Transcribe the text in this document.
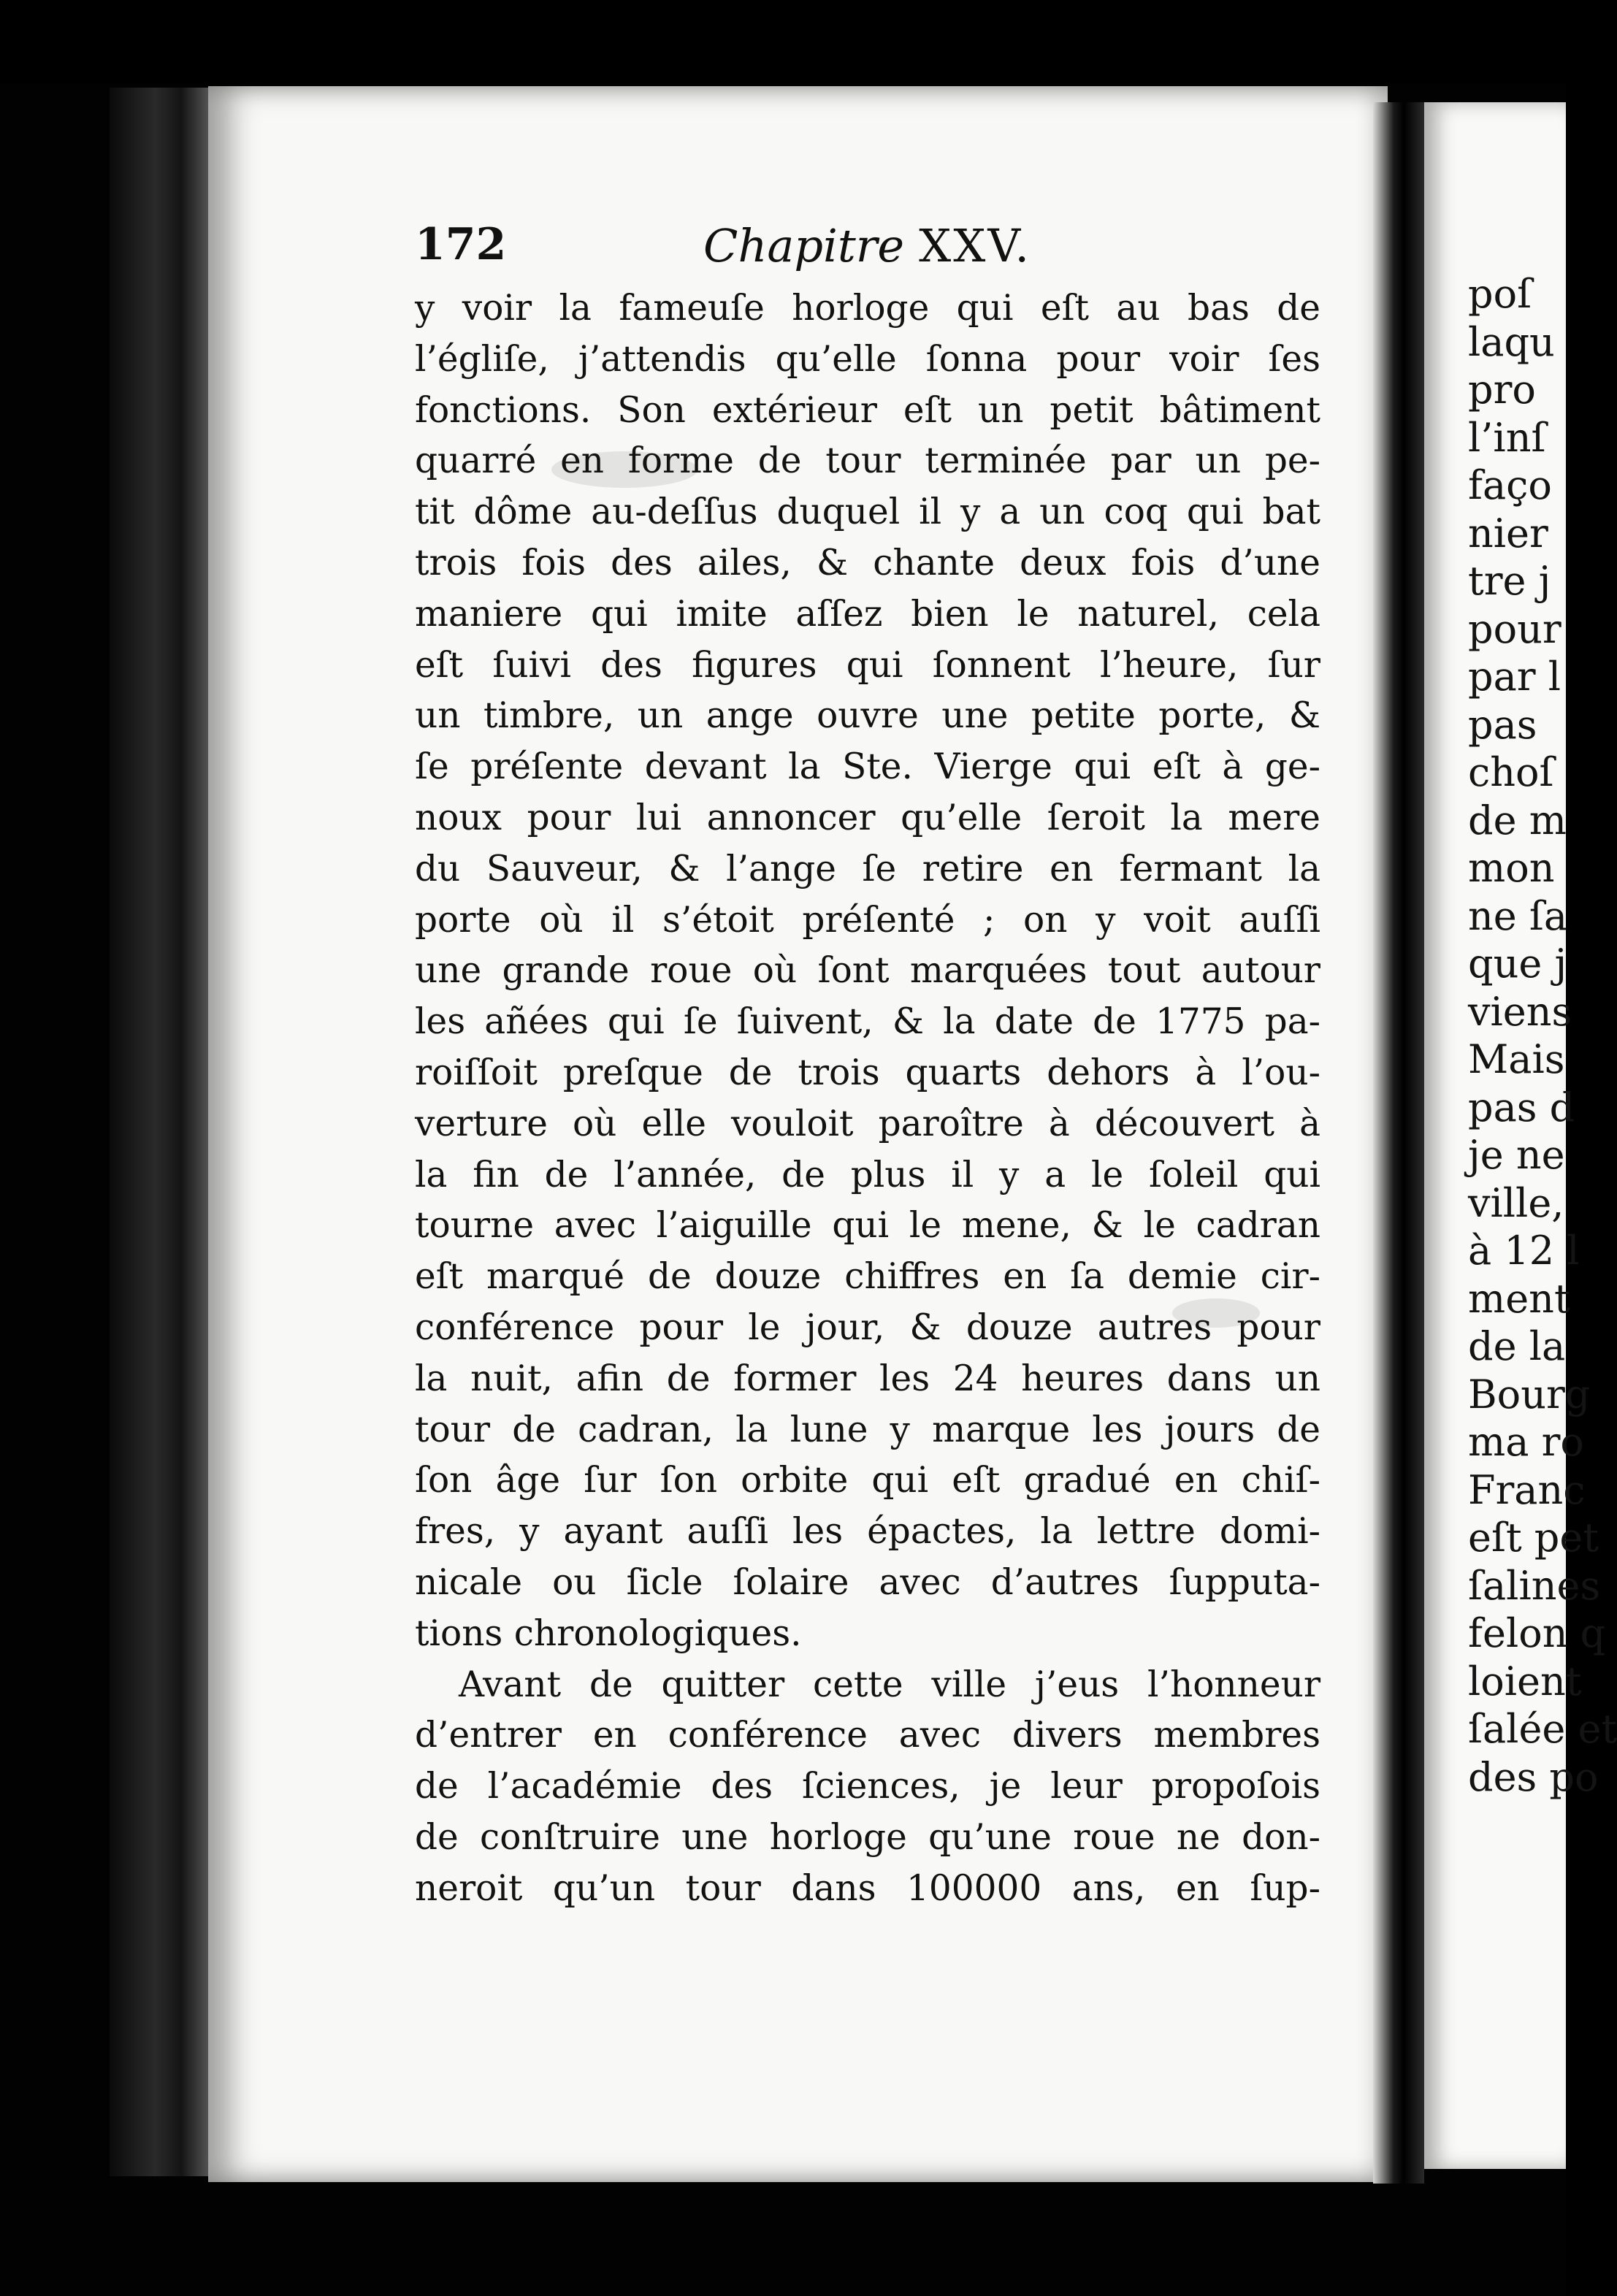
172	Chapitre XXV.
y voir la fameuſe horloge qui eſt au bas de
l’égliſe, j’attendis qu’elle ſonna pour voir ſes
fonctions. Son extérieur eſt un petit bâtiment
quarré en forme de tour terminée par un pe-
tit dôme au-deſſus duquel il y a un coq qui bat
trois fois des ailes, & chante deux fois d’une
maniere qui imite aſſez bien le naturel, cela
eſt ſuivi des figures qui ſonnent l’heure, ſur
un timbre, un ange ouvre une petite porte, &
ſe préſente devant la Ste. Vierge qui eſt à ge-
noux pour lui annoncer qu’elle ſeroit la mere
du Sauveur, & l’ange ſe retire en fermant la
porte où il s’étoit préſenté ; on y voit auſſi
une grande roue où ſont marquées tout autour
les añées qui ſe ſuivent, & la date de 1775 pa-
roiſſoit preſque de trois quarts dehors à l’ou-
verture où elle vouloit paroître à découvert à
la fin de l’année, de plus il y a le ſoleil qui
tourne avec l’aiguille qui le mene, & le cadran
eſt marqué de douze chiffres en ſa demie cir-
conférence pour le jour, & douze autres pour
la nuit, afin de former les 24 heures dans un
tour de cadran, la lune y marque les jours de
ſon âge ſur ſon orbite qui eſt gradué en chiſ-
fres, y ayant auſſi les épactes, la lettre domi-
nicale ou ſicle ſolaire avec d’autres ſupputa-
tions chronologiques.
Avant de quitter cette ville j’eus l’honneur
d’entrer en conférence avec divers membres
de l’académie des ſciences, je leur propoſois
de conſtruire une horloge qu’une roue ne don-
neroit qu’un tour dans 100000 ans, en ſup-
poſ
laqu
pro
l’inſ
faço
nier
tre j
pour
par l
pas
choſ
de m
mon
ne ſa
que j
viens
Mais
pas d
je ne
ville,
à 12 l
ment
de la
Bourg
ma ro
Franc
eſt pet
ſalines
felon q
loient
ſalée et
des po
